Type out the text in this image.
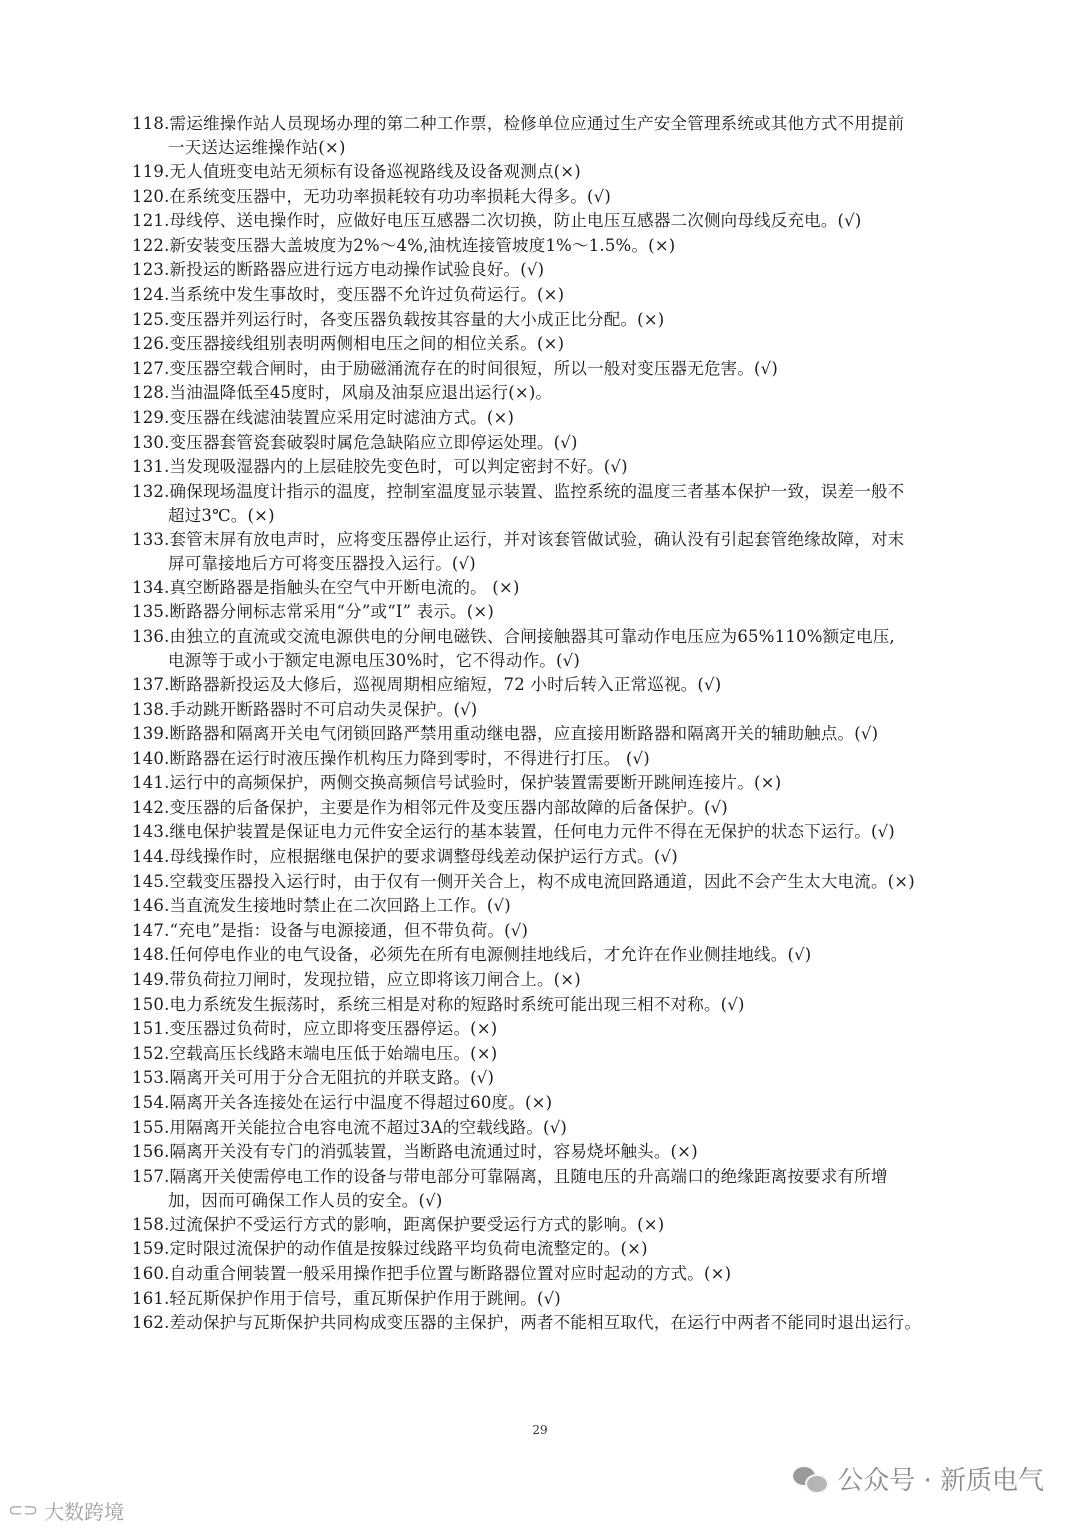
118.需运维操作站人员现场办理的第二种工作票，检修单位应通过生产安全管理系统或其他方式不用提前
一天送达运维操作站(×)
119.无人值班变电站无须标有设备巡视路线及设备观测点(×)
120.在系统变压器中，无功功率损耗较有功功率损耗大得多。(√)
121.母线停、送电操作时，应做好电压互感器二次切换，防止电压互感器二次侧向母线反充电。(√)
122.新安装变压器大盖坡度为2%～4%,油枕连接管坡度1%～1.5%。(×)
123.新投运的断路器应进行远方电动操作试验良好。(√)
124.当系统中发生事故时，变压器不允许过负荷运行。(×)
125.变压器并列运行时，各变压器负载按其容量的大小成正比分配。(×)
126.变压器接线组别表明两侧相电压之间的相位关系。(×)
127.变压器空载合闸时，由于励磁涌流存在的时间很短，所以一般对变压器无危害。(√)
128.当油温降低至45度时，风扇及油泵应退出运行(×)。
129.变压器在线滤油装置应采用定时滤油方式。(×)
130.变压器套管瓷套破裂时属危急缺陷应立即停运处理。(√)
131.当发现吸湿器内的上层硅胶先变色时，可以判定密封不好。(√)
132.确保现场温度计指示的温度，控制室温度显示装置、监控系统的温度三者基本保护一致，误差一般不
超过3℃。(×)
133.套管末屏有放电声时，应将变压器停止运行，并对该套管做试验，确认没有引起套管绝缘故障，对末
屏可靠接地后方可将变压器投入运行。(√)
134.真空断路器是指触头在空气中开断电流的。 (×)
135.断路器分闸标志常采用“分”或“I” 表示。(×)
136.由独立的直流或交流电源供电的分闸电磁铁、合闸接触器其可靠动作电压应为65%110%额定电压,
电源等于或小于额定电源电压30%时，它不得动作。(√)
137.断路器新投运及大修后，巡视周期相应缩短，72 小时后转入正常巡视。(√)
138.手动跳开断路器时不可启动失灵保护。(√)
139.断路器和隔离开关电气闭锁回路严禁用重动继电器，应直接用断路器和隔离开关的辅助触点。(√)
140.断路器在运行时液压操作机构压力降到零时，不得进行打压。 (√)
141.运行中的高频保护，两侧交换高频信号试验时，保护装置需要断开跳闸连接片。(×)
142.变压器的后备保护，主要是作为相邻元件及变压器内部故障的后备保护。(√)
143.继电保护装置是保证电力元件安全运行的基本装置，任何电力元件不得在无保护的状态下运行。(√)
144.母线操作时，应根据继电保护的要求调整母线差动保护运行方式。(√)
145.空载变压器投入运行时，由于仅有一侧开关合上，构不成电流回路通道，因此不会产生太大电流。(×)
146.当直流发生接地时禁止在二次回路上工作。(√)
147.“充电”是指：设备与电源接通，但不带负荷。(√)
148.任何停电作业的电气设备，必须先在所有电源侧挂地线后，才允许在作业侧挂地线。(√)
149.带负荷拉刀闸时，发现拉错，应立即将该刀闸合上。(×)
150.电力系统发生振荡时，系统三相是对称的短路时系统可能出现三相不对称。(√)
151.变压器过负荷时，应立即将变压器停运。(×)
152.空载高压长线路末端电压低于始端电压。(×)
153.隔离开关可用于分合无阻抗的并联支路。(√)
154.隔离开关各连接处在运行中温度不得超过60度。(×)
155.用隔离开关能拉合电容电流不超过3A的空载线路。(√)
156.隔离开关没有专门的消弧装置，当断路电流通过时，容易烧坏触头。(×)
157.隔离开关使需停电工作的设备与带电部分可靠隔离，且随电压的升高端口的绝缘距离按要求有所增
加，因而可确保工作人员的安全。(√)
158.过流保护不受运行方式的影响，距离保护要受运行方式的影响。(×)
159.定时限过流保护的动作值是按躲过线路平均负荷电流整定的。(×)
160.自动重合闸装置一般采用操作把手位置与断路器位置对应时起动的方式。(×)
161.轻瓦斯保护作用于信号，重瓦斯保护作用于跳闸。(√)
162.差动保护与瓦斯保护共同构成变压器的主保护，两者不能相互取代，在运行中两者不能同时退出运行。
29
公众号 · 新质电气
⊂⊃ 大数跨境
